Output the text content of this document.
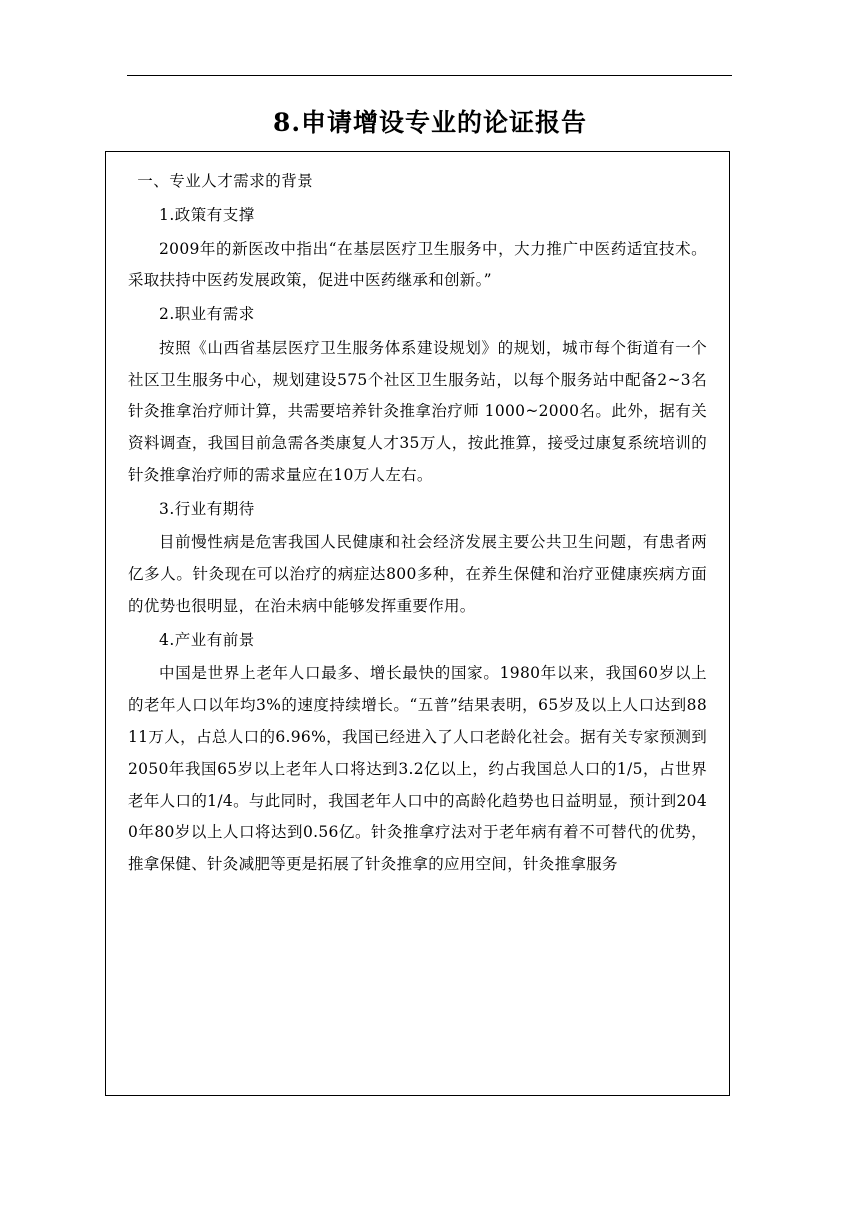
8.申请增设专业的论证报告

一、专业人才需求的背景

1.政策有支撑

2009年的新医改中指出“在基层医疗卫生服务中，大力推广中医药适宜技术。采取扶持中医药发展政策，促进中医药继承和创新。”

2.职业有需求

按照《山西省基层医疗卫生服务体系建设规划》的规划，城市每个街道有一个社区卫生服务中心，规划建设575个社区卫生服务站，以每个服务站中配备2~3名针灸推拿治疗师计算，共需要培养针灸推拿治疗师 1000~2000名。此外，据有关资料调查，我国目前急需各类康复人才35万人，按此推算，接受过康复系统培训的针灸推拿治疗师的需求量应在10万人左右。

3.行业有期待

目前慢性病是危害我国人民健康和社会经济发展主要公共卫生问题，有患者两亿多人。针灸现在可以治疗的病症达800多种，在养生保健和治疗亚健康疾病方面的优势也很明显，在治未病中能够发挥重要作用。

4.产业有前景

中国是世界上老年人口最多、增长最快的国家。1980年以来，我国60岁以上的老年人口以年均3%的速度持续增长。“五普”结果表明，65岁及以上人口达到8811万人，占总人口的6.96%，我国已经进入了人口老龄化社会。据有关专家预测到2050年我国65岁以上老年人口将达到3.2亿以上，约占我国总人口的1/5，占世界老年人口的1/4。与此同时，我国老年人口中的高龄化趋势也日益明显，预计到2040年80岁以上人口将达到0.56亿。针灸推拿疗法对于老年病有着不可替代的优势，推拿保健、针灸减肥等更是拓展了针灸推拿的应用空间，针灸推拿服务
